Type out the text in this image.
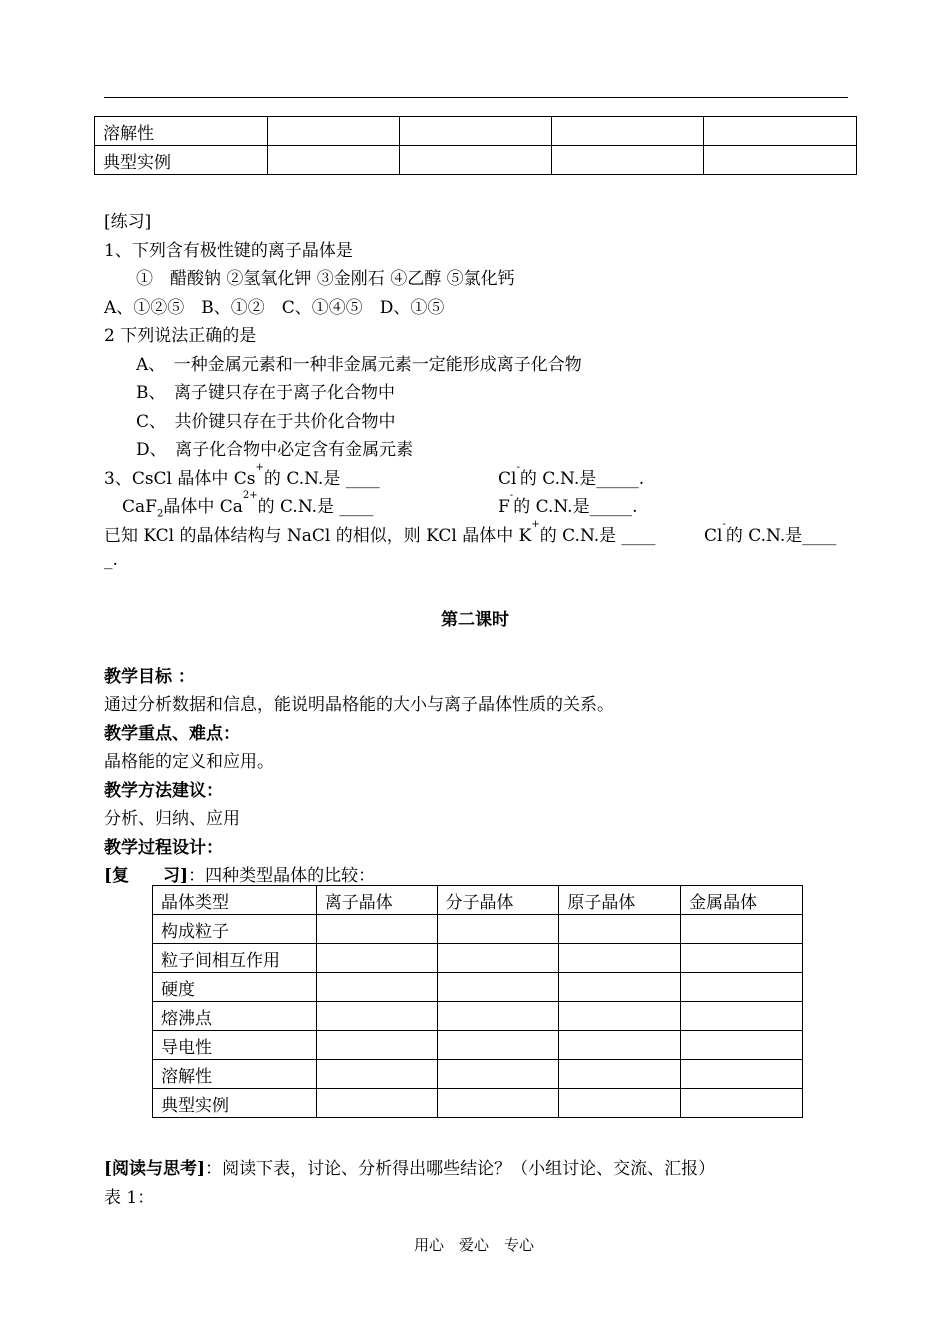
溶解性				
典型实例				
[练习]
1、下列含有极性键的离子晶体是
①　醋酸钠 ②氢氧化钾 ③金刚石 ④乙醇 ⑤氯化钙
A、①②⑤　B、①②　C、①④⑤　D、①⑤
2 下列说法正确的是
A、　一种金属元素和一种非金属元素一定能形成离子化合物
B、　离子键只存在于离子化合物中
C、　共价键只存在于共价化合物中
D、　离子化合物中必定含有金属元素
3、CsCl 晶体中 Cs+的 C.N.是 ____	Cl-的 C.N.是_____.
CaF$_2$晶体中 $Ca^{2+}$的 C.N.是 ____	F-的 C.N.是_____.
已知 KCl 的晶体结构与 NaCl 的相似，则 KCl 晶体中 K+的 C.N.是 ____	Cl-的 C.N.是____
_.
第二课时
教学目标 ：
通过分析数据和信息，能说明晶格能的大小与离子晶体性质的关系。
教学重点、难点：
晶格能的定义和应用。
教学方法建议：
分析、归纳、应用
教学过程设计：
[复　　习]：四种类型晶体的比较：
晶体类型	离子晶体	分子晶体	原子晶体	金属晶体
构成粒子				
粒子间相互作用				
硬度				
熔沸点				
导电性				
溶解性				
典型实例				
[阅读与思考]：阅读下表，讨论、分析得出哪些结论？（小组讨论、交流、汇报）
表 1：
用心　爱心　专心
